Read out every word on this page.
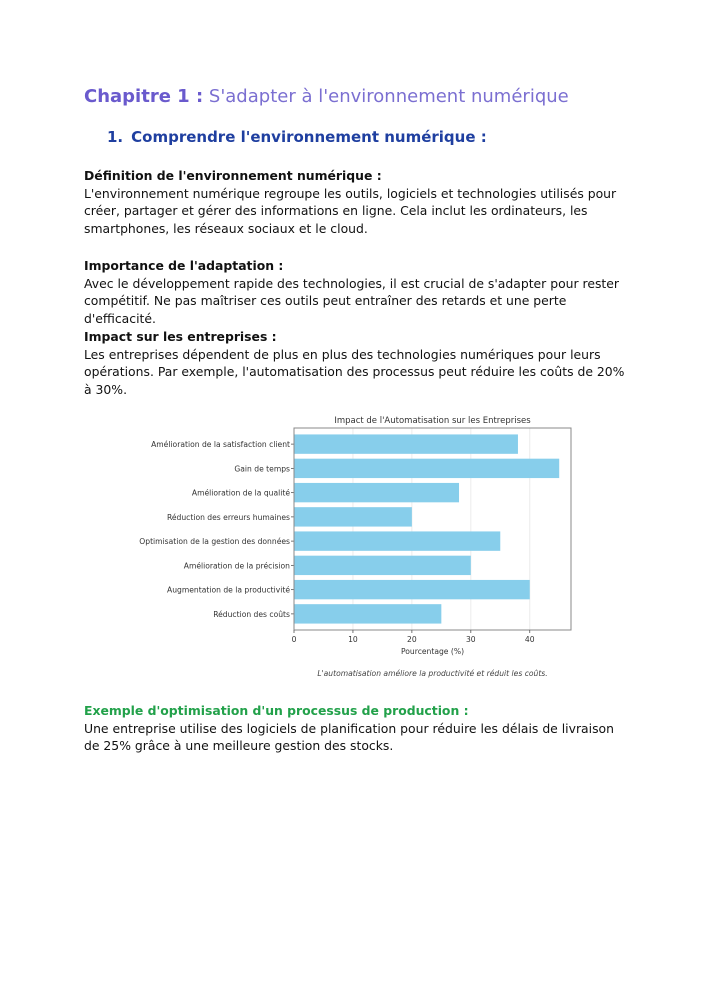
Chapitre 1 : S'adapter à l'environnement numérique
1. Comprendre l'environnement numérique :
Définition de l'environnement numérique :
L'environnement numérique regroupe les outils, logiciels et technologies utilisés pour créer, partager et gérer des informations en ligne. Cela inclut les ordinateurs, les smartphones, les réseaux sociaux et le cloud.
Importance de l'adaptation :
Avec le développement rapide des technologies, il est crucial de s'adapter pour rester compétitif. Ne pas maîtriser ces outils peut entraîner des retards et une perte d'efficacité.
Impact sur les entreprises :
Les entreprises dépendent de plus en plus des technologies numériques pour leurs opérations. Par exemple, l'automatisation des processus peut réduire les coûts de 20% à 30%.
Impact de l'Automatisation sur les Entreprises
Amélioration de la satisfaction client
Gain de temps
Amélioration de la qualité
Réduction des erreurs humaines
Optimisation de la gestion des données
Amélioration de la précision
Augmentation de la productivité
Réduction des coûts
0	10	20	30	40
Pourcentage (%)
L'automatisation améliore la productivité et réduit les coûts.
Exemple d'optimisation d'un processus de production :
Une entreprise utilise des logiciels de planification pour réduire les délais de livraison de 25% grâce à une meilleure gestion des stocks.
